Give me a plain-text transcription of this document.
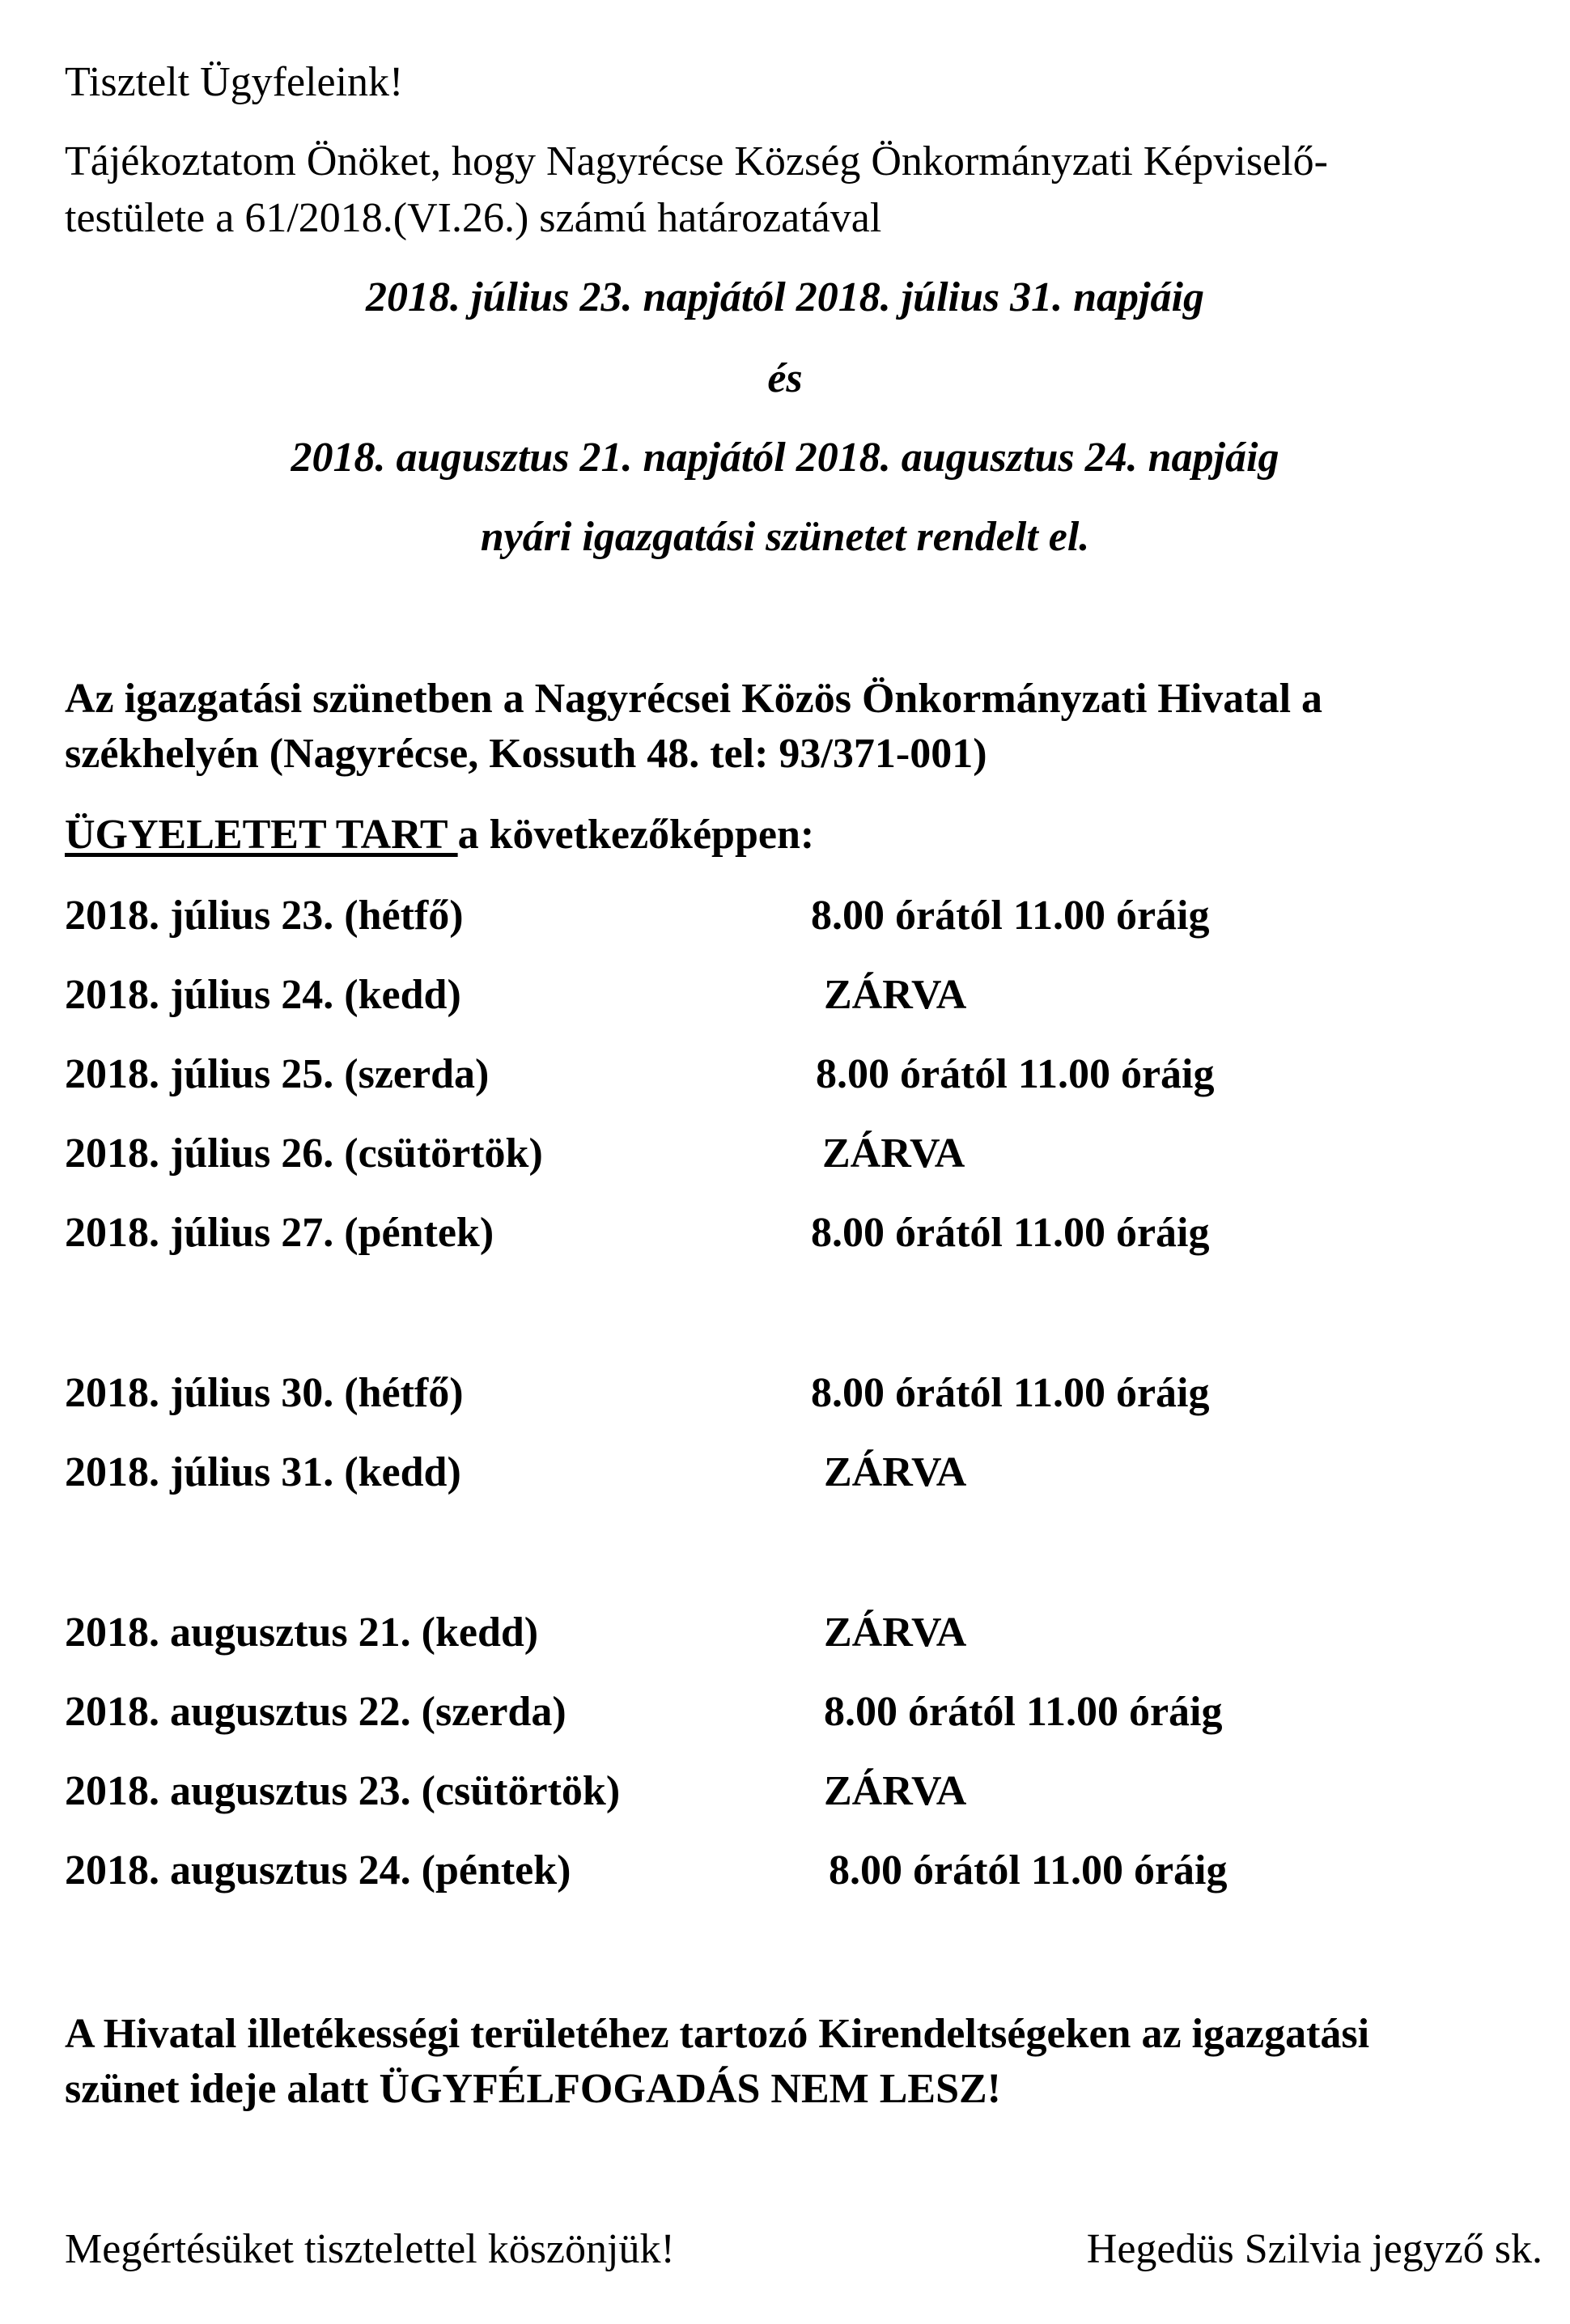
Tisztelt Ügyfeleink!
Tájékoztatom Önöket, hogy Nagyrécse Község Önkormányzati Képviselő-
testülete a 61/2018.(VI.26.) számú határozatával
2018. július 23. napjától 2018. július 31. napjáig
és
2018. augusztus 21. napjától 2018. augusztus 24. napjáig
nyári igazgatási szünetet rendelt el.
Az igazgatási szünetben a Nagyrécsei Közös Önkormányzati Hivatal a
székhelyén (Nagyrécse, Kossuth 48. tel: 93/371-001)
ÜGYELETET TART a következőképpen:
2018. július 23. (hétfő)	8.00 órától 11.00 óráig
2018. július 24. (kedd)	ZÁRVA
2018. július 25. (szerda)	8.00 órától 11.00 óráig
2018. július 26. (csütörtök)	ZÁRVA
2018. július 27. (péntek)	8.00 órától 11.00 óráig
2018. július 30. (hétfő)	8.00 órától 11.00 óráig
2018. július 31. (kedd)	ZÁRVA
2018. augusztus 21. (kedd)	ZÁRVA
2018. augusztus 22. (szerda)	8.00 órától 11.00 óráig
2018. augusztus 23. (csütörtök)	ZÁRVA
2018. augusztus 24. (péntek)	8.00 órától 11.00 óráig
A Hivatal illetékességi területéhez tartozó Kirendeltségeken az igazgatási
szünet ideje alatt ÜGYFÉLFOGADÁS NEM LESZ!
Megértésüket tisztelettel köszönjük!	Hegedüs Szilvia jegyző sk.
